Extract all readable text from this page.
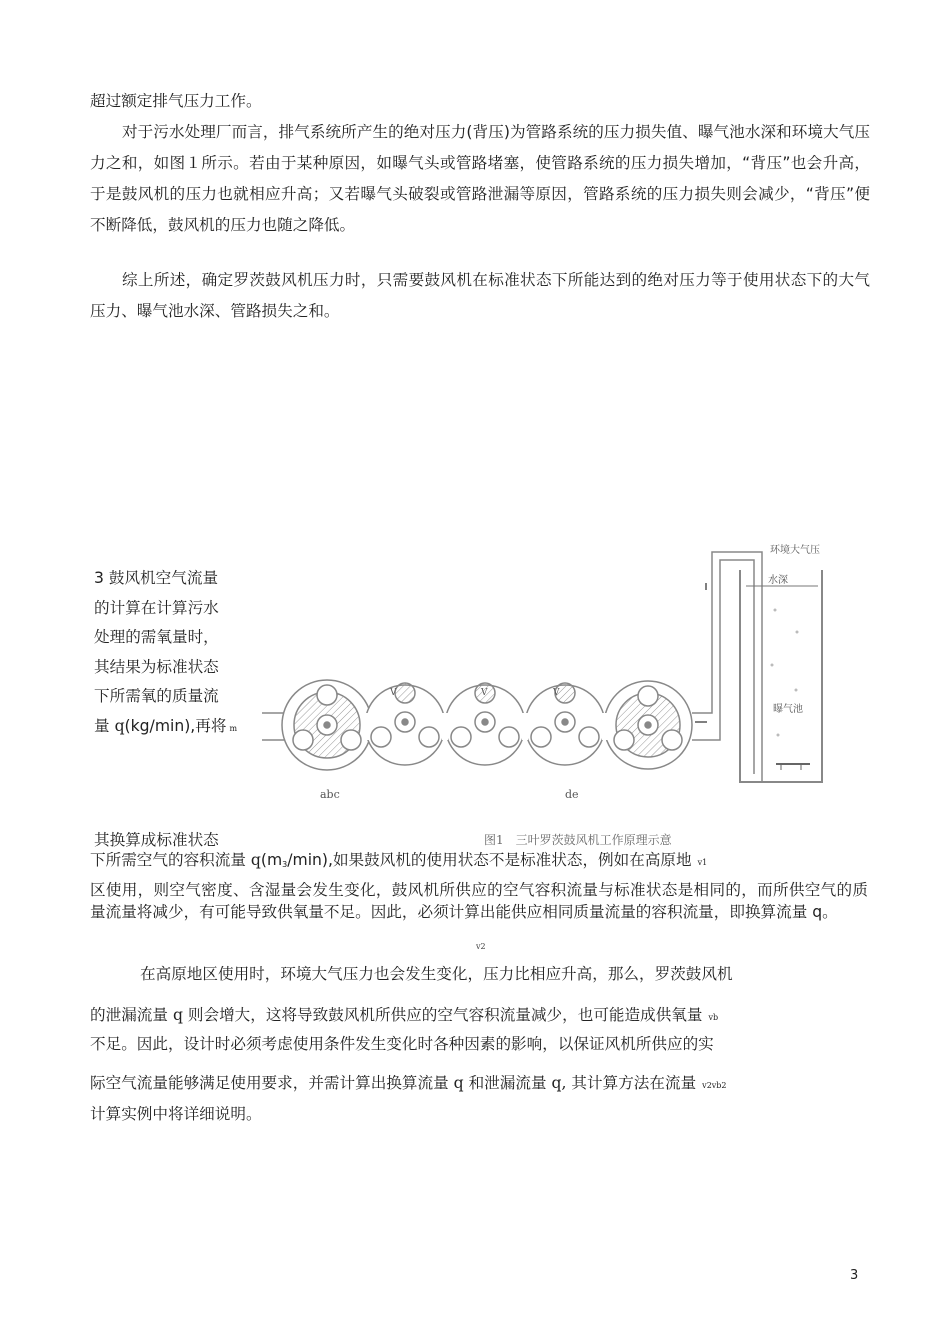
超过额定排气压力工作。

对于污水处理厂而言，排气系统所产生的绝对压力(背压)为管路系统的压力损失值、曝气池水深和环境大气压力之和，如图１所示。若由于某种原因，如曝气头或管路堵塞，使管路系统的压力损失增加，“背压”也会升高，于是鼓风机的压力也就相应升高；又若曝气头破裂或管路泄漏等原因，管路系统的压力损失则会减少，“背压”便不断降低，鼓风机的压力也随之降低。

综上所述，确定罗茨鼓风机压力时，只需要鼓风机在标准状态下所能达到的绝对压力等于使用状态下的大气压力、曝气池水深、管路损失之和。

3 鼓风机空气流量
的计算在计算污水
处理的需氧量时，
其结果为标准状态
下所需氧的质量流
量 q(kg/min),再将 m
其换算成标准状态
环境大气压
水深
曝气池
V	V	V
abc	de
图1　三叶罗茨鼓风机工作原理示意
下所需空气的容积流量 q(m3/min),如果鼓风机的使用状态不是标准状态，例如在高原地 v1

区使用，则空气密度、含湿量会发生变化，鼓风机所供应的空气容积流量与标准状态是相同的，而所供空气的质量流量将减少，有可能导致供氧量不足。因此，必须计算出能供应相同质量流量的容积流量，即换算流量 q。

v2
在高原地区使用时，环境大气压力也会发生变化，压力比相应升高，那么，罗茨鼓风机
的泄漏流量 q 则会增大，这将导致鼓风机所供应的空气容积流量减少，也可能造成供氧量 vb
不足。因此，设计时必须考虑使用条件发生变化时各种因素的影响，以保证风机所供应的实
际空气流量能够满足使用要求，并需计算出换算流量 q 和泄漏流量 q, 其计算方法在流量 v2vb2
计算实例中将详细说明。
3
